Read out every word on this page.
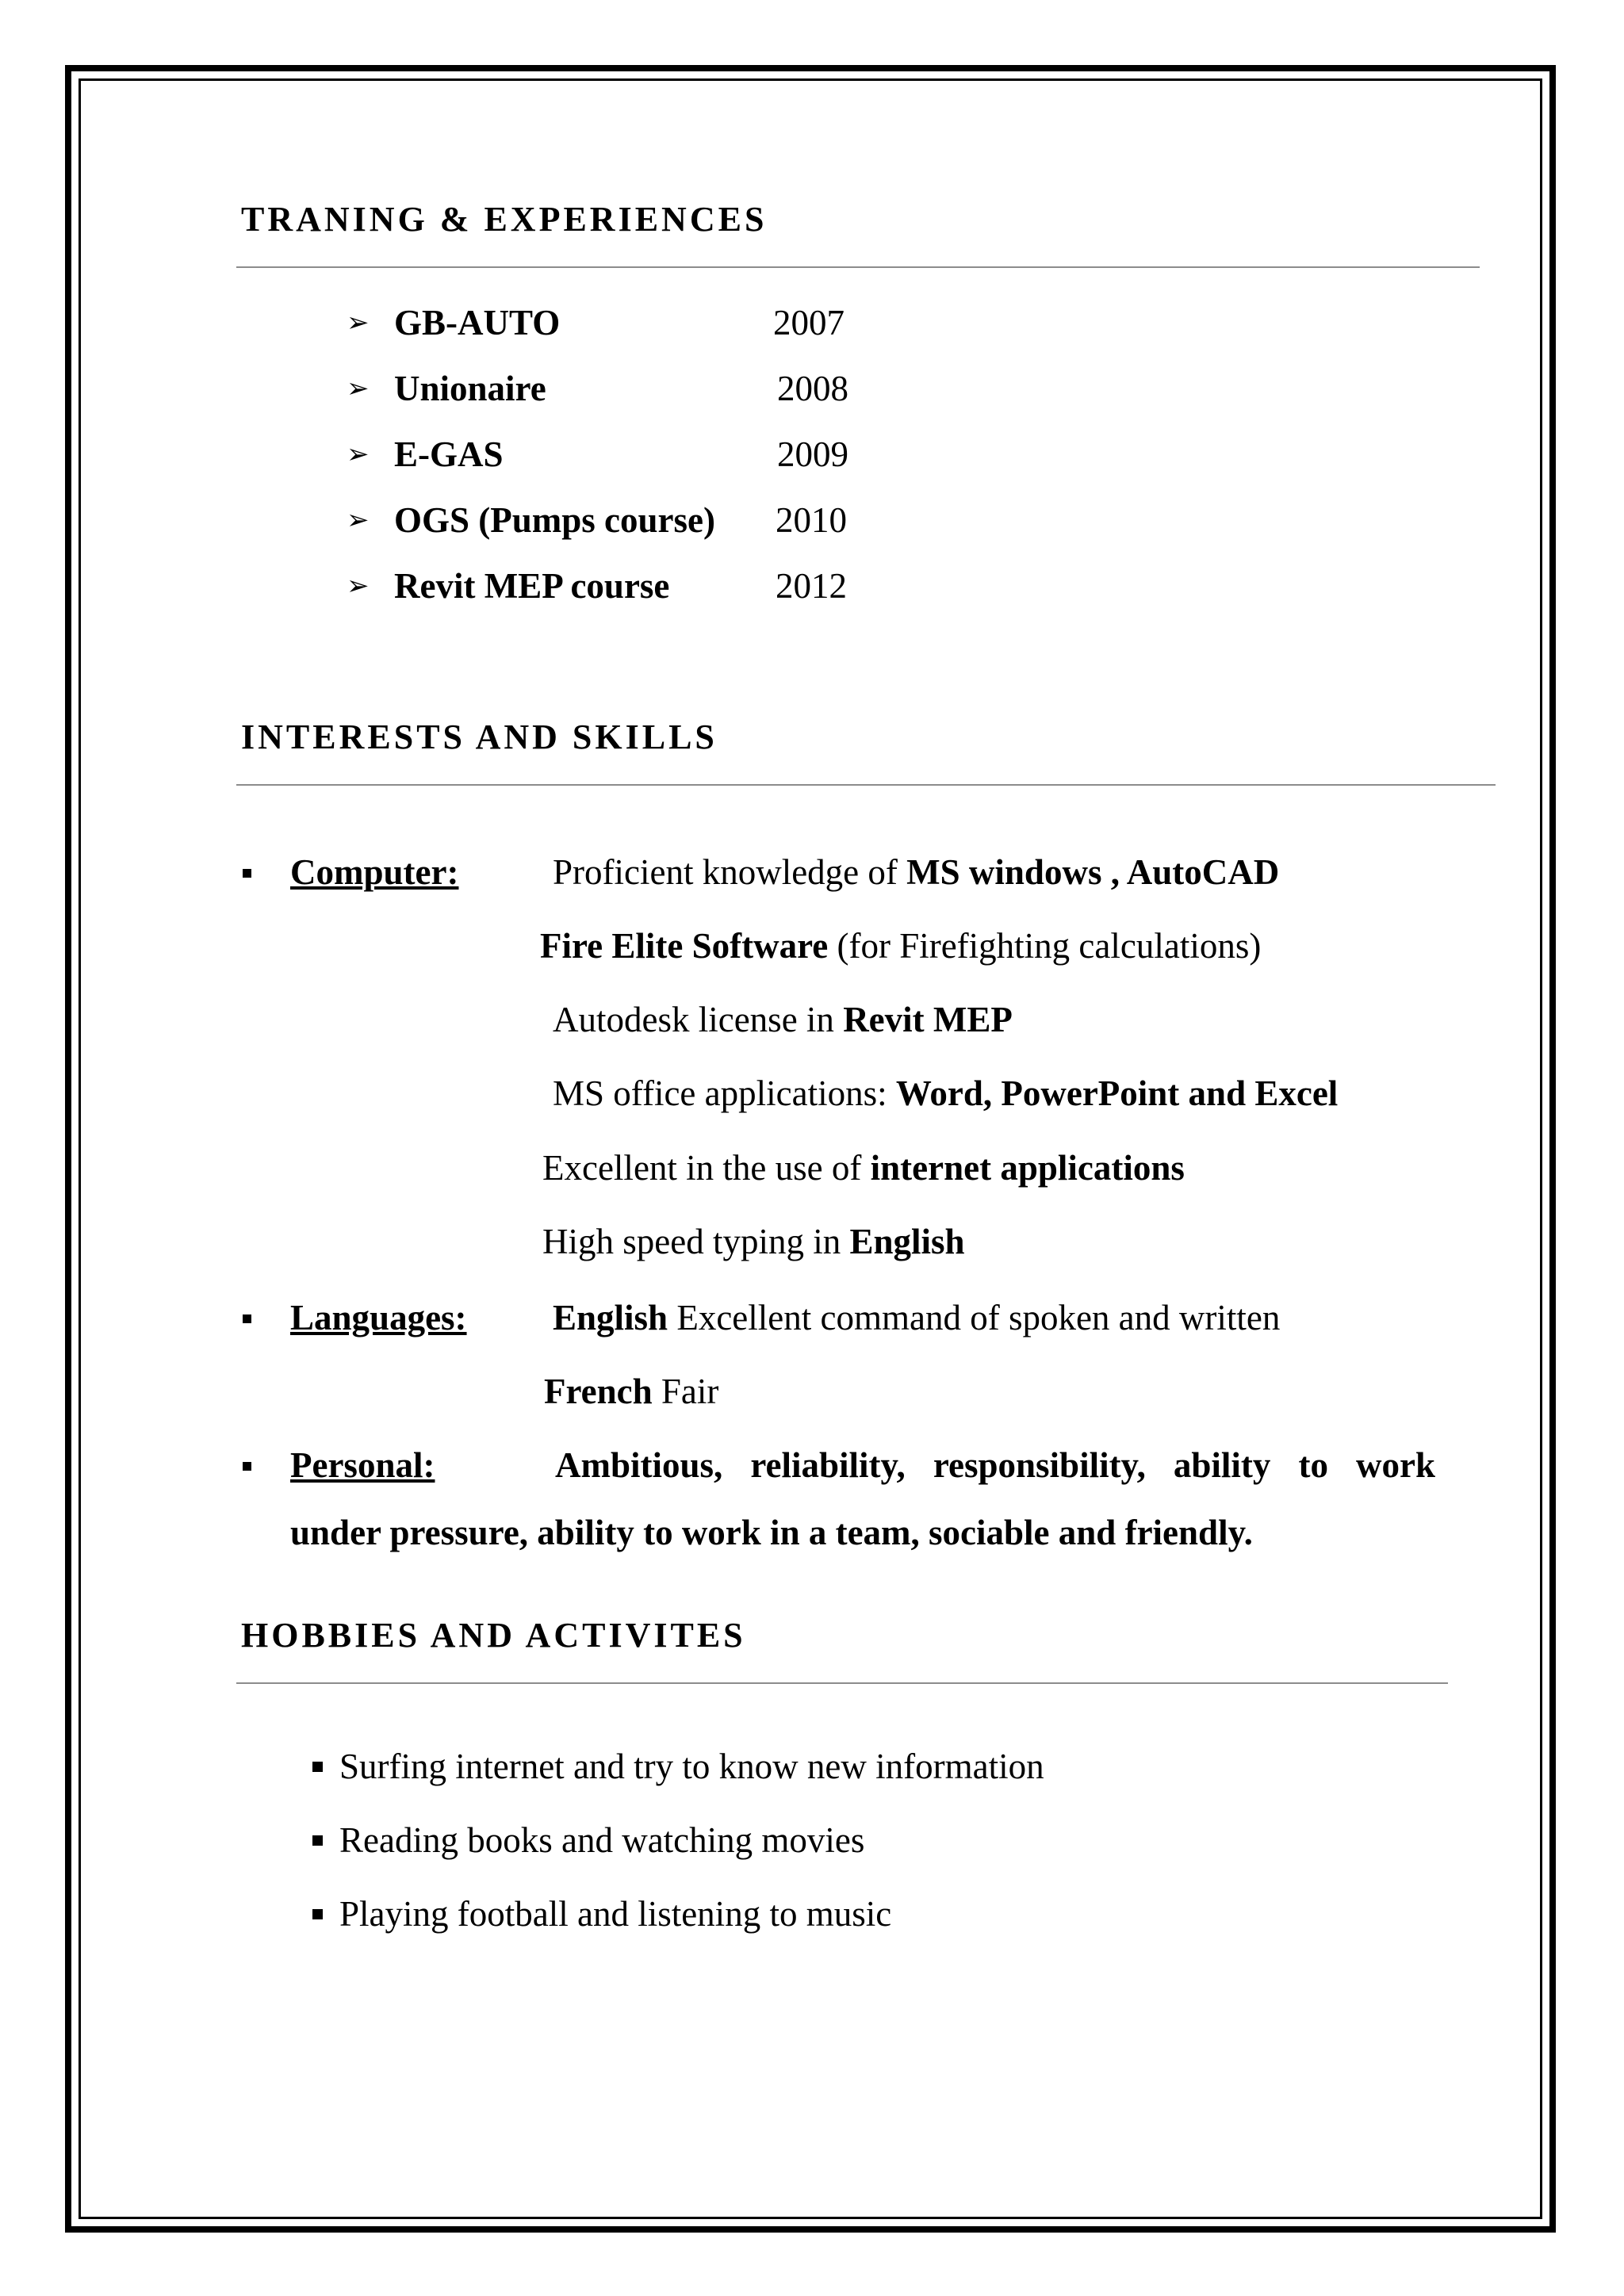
TRANING & EXPERIENCES
➢ GB-AUTO	2007
➢ Unionaire	2008
➢ E-GAS	2009
➢ OGS (Pumps course) 2010
➢ Revit MEP course	2012
INTERESTS AND SKILLS
Computer:	Proficient knowledge of MS windows , AutoCAD
Fire Elite Software (for Firefighting calculations)
Autodesk license in Revit MEP
MS office applications: Word, PowerPoint and Excel
Excellent in the use of internet applications
High speed typing in English
Languages: English Excellent command of spoken and written
French Fair
Personal:	Ambitious, reliability, responsibility, ability to work
under pressure, ability to work in a team, sociable and friendly.
HOBBIES AND ACTIVITES
Surfing internet and try to know new information
Reading books and watching movies
Playing football and listening to music
